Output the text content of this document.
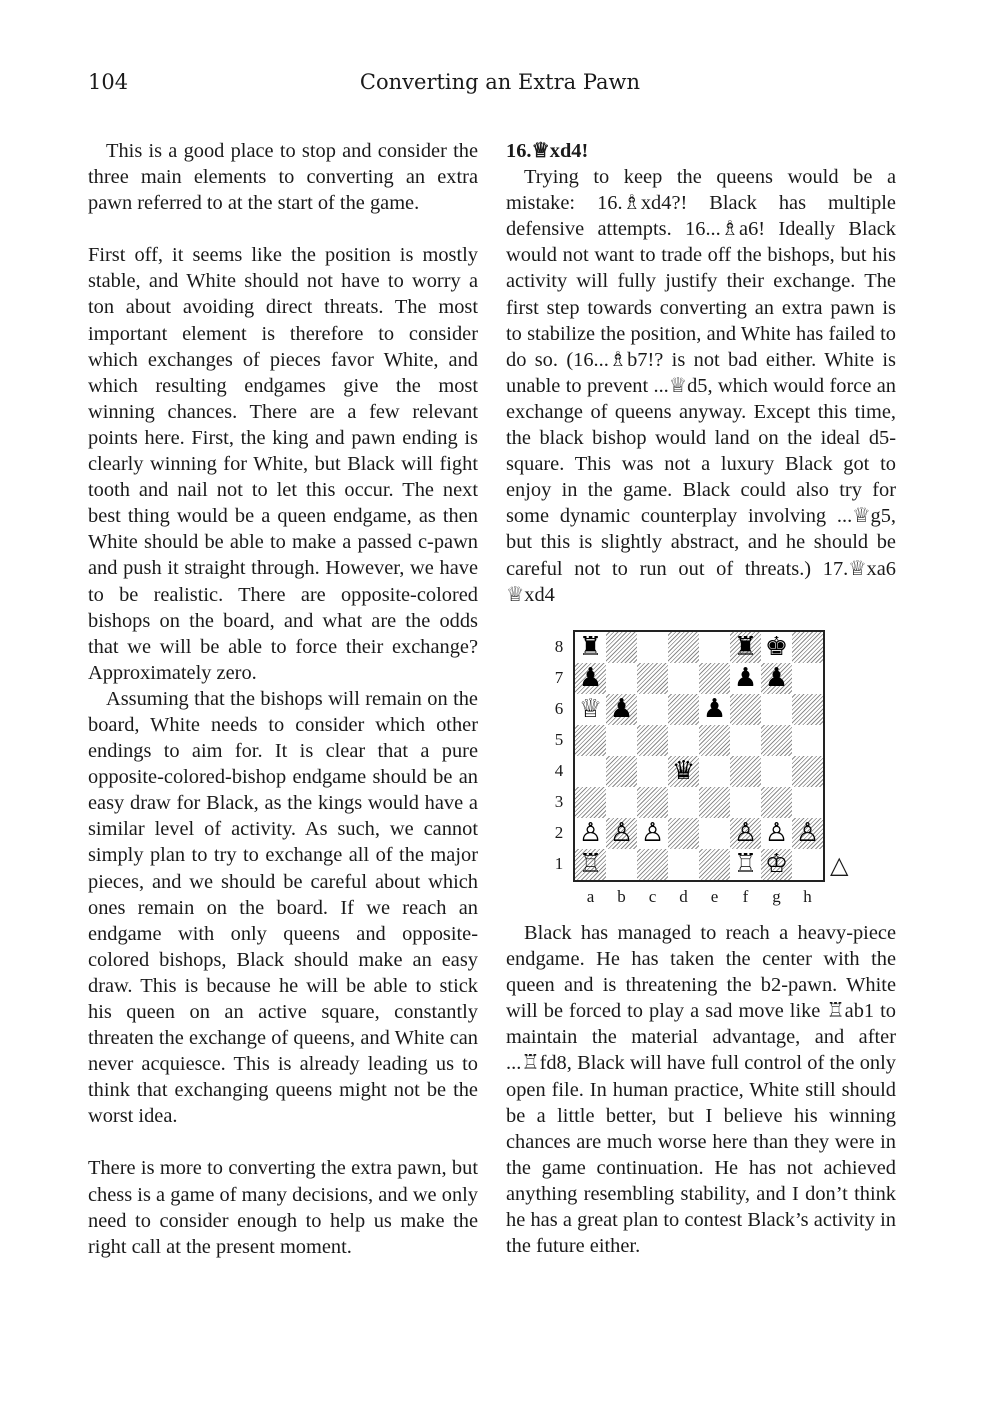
104	Converting an Extra Pawn

This is a good place to stop and consider the three main elements to converting an extra pawn referred to at the start of the game.

First off, it seems like the position is mostly stable, and White should not have to worry a ton about avoiding direct threats. The most important element is therefore to consider which exchanges of pieces favor White, and which resulting endgames give the most winning chances. There are a few relevant points here. First, the king and pawn ending is clearly winning for White, but Black will fight tooth and nail not to let this occur. The next best thing would be a queen endgame, as then White should be able to make a passed c-pawn and push it straight through. However, we have to be realistic. There are opposite-colored bishops on the board, and what are the odds that we will be able to force their exchange? Approximately zero.

Assuming that the bishops will remain on the board, White needs to consider which other endings to aim for. It is clear that a pure opposite-colored-bishop endgame should be an easy draw for Black, as the kings would have a similar level of activity. As such, we cannot simply plan to try to exchange all of the major pieces, and we should be careful about which ones remain on the board. If we reach an endgame with only queens and opposite-colored bishops, Black should make an easy draw. This is because he will be able to stick his queen on an active square, constantly threaten the exchange of queens, and White can never acquiesce. This is already leading us to think that exchanging queens might not be the worst idea.

There is more to converting the extra pawn, but chess is a game of many decisions, and we only need to consider enough to help us make the right call at the present moment.

16.♕xd4!

Trying to keep the queens would be a mistake: 16.♗xd4?! Black has multiple defensive attempts. 16...♗a6! Ideally Black would not want to trade off the bishops, but his activity will fully justify their exchange. The first step towards converting an extra pawn is to stabilize the position, and White has failed to do so. (16...♗b7!? is not bad either. White is unable to prevent ...♕d5, which would force an exchange of queens anyway. Except this time, the black bishop would land on the ideal d5-square. This was not a luxury Black got to enjoy in the game. Black could also try for some dynamic counterplay involving ...♕g5, but this is slightly abstract, and he should be careful not to run out of threats.) 17.♕xa6 ♕xd4

♜	♜ ♚
♟	♟ ♟
♕ ♟	♟
♛
♙ ♙ ♙	♙ ♙ ♙
♖	♖ ♔ △
8
7
6
5
4
3
2
1
a	b	c	d	e	f	g	h

Black has managed to reach a heavy-piece endgame. He has taken the center with the queen and is threatening the b2-pawn. White will be forced to play a sad move like ♖ab1 to maintain the material advantage, and after ...♖fd8, Black will have full control of the only open file. In human practice, White still should be a little better, but I believe his winning chances are much worse here than they were in the game continuation. He has not achieved anything resembling stability, and I don’t think he has a great plan to contest Black’s activity in the future either.
